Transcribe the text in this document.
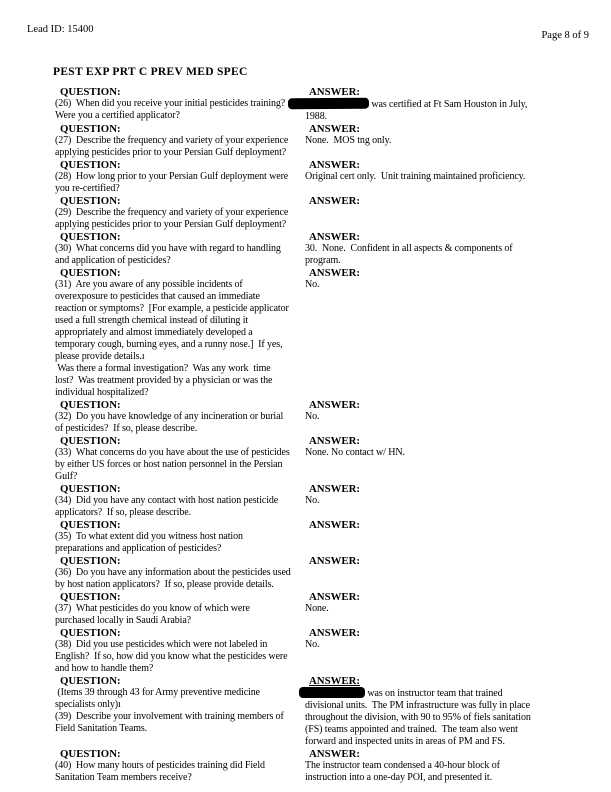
Lead ID: 15400
Page 8 of 9
PEST EXP PRT C PREV MED SPEC
QUESTION:
(26)  When did you receive your initial pesticides training?
Were you a certified applicator?
ANSWER:
was certified at Ft Sam Houston in July,
1988.
QUESTION:
(27)  Describe the frequency and variety of your experience
applying pesticides prior to your Persian Gulf deployment?
ANSWER:
None.  MOS tng only.
QUESTION:
(28)  How long prior to your Persian Gulf deployment were
you re-certified?
ANSWER:
Original cert only.  Unit training maintained proficiency.
QUESTION:
(29)  Describe the frequency and variety of your experience
applying pesticides prior to your Persian Gulf deployment?
ANSWER:
QUESTION:
(30)  What concerns did you have with regard to handling
and application of pesticides?
ANSWER:
30.  None.  Confident in all aspects & components of
program.
QUESTION:
(31)  Are you aware of any possible incidents of
overexposure to pesticides that caused an immediate
reaction or symptoms?  [For example, a pesticide applicator
used a full strength chemical instead of diluting it
appropriately and almost immediately developed a
temporary cough, burning eyes, and a runny nose.]  If yes,
please provide details.ı
Was there a formal investigation?  Was any work  time
lost?  Was treatment provided by a physician or was the
individual hospitalized?
ANSWER:
No.
QUESTION:
(32)  Do you have knowledge of any incineration or burial
of pesticides?  If so, please describe.
ANSWER:
No.
QUESTION:
(33)  What concerns do you have about the use of pesticides
by either US forces or host nation personnel in the Persian
Gulf?
ANSWER:
None. No contact w/ HN.
QUESTION:
(34)  Did you have any contact with host nation pesticide
applicators?  If so, please describe.
ANSWER:
No.
QUESTION:
(35)  To what extent did you witness host nation
preparations and application of pesticides?
ANSWER:
QUESTION:
(36)  Do you have any information about the pesticides used
by host nation applicators?  If so, please provide details.
ANSWER:
QUESTION:
(37)  What pesticides do you know of which were
purchased locally in Saudi Arabia?
ANSWER:
None.
QUESTION:
(38)  Did you use pesticides which were not labeled in
English?  If so, how did you know what the pesticides were
and how to handle them?
ANSWER:
No.
QUESTION:
(Items 39 through 43 for Army preventive medicine
specialists only)ı
(39)  Describe your involvement with training members of
Field Sanitation Teams.
ANSWER:
was on instructor team that trained
divisional units.  The PM infrastructure was fully in place
throughout the division, with 90 to 95% of fiels sanitation
(FS) teams appointed and trained.  The team also went
forward and inspected units in areas of PM and FS.
QUESTION:
(40)  How many hours of pesticides training did Field
Sanitation Team members receive?
ANSWER:
The instructor team condensed a 40-hour block of
instruction into a one-day POI, and presented it.
